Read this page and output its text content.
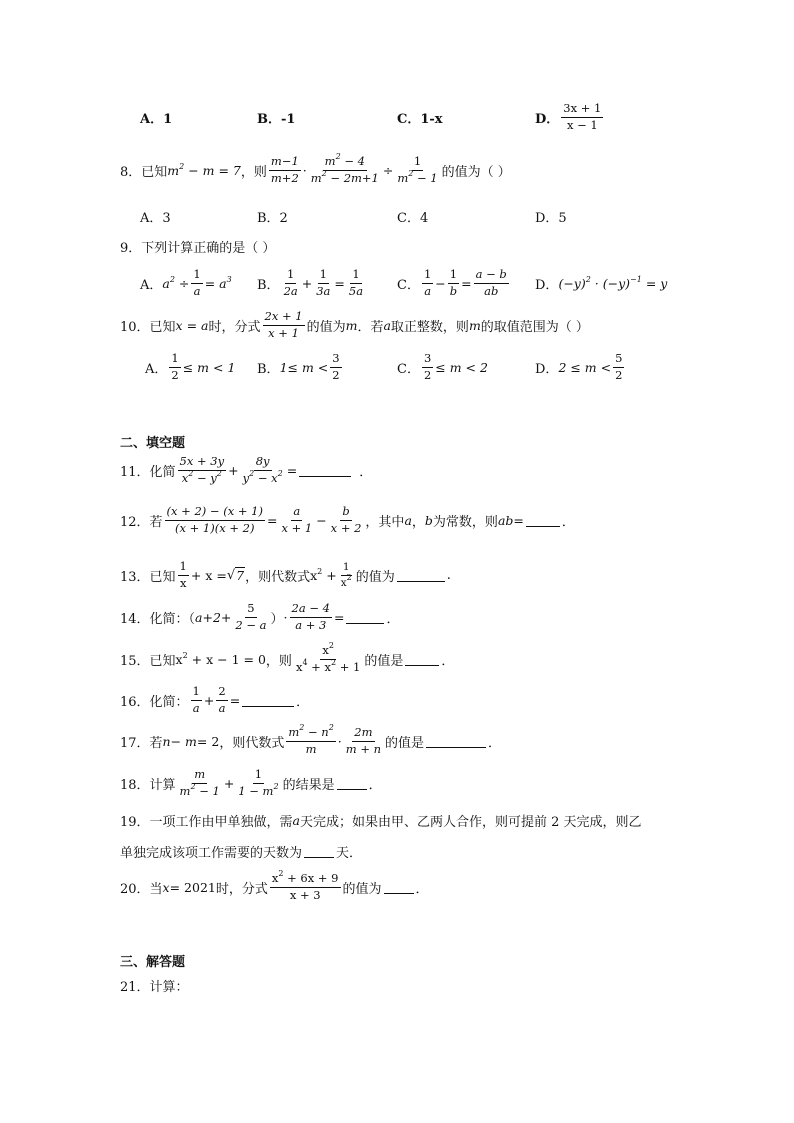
A．1	B．-1	C．1-x	D． $\frac{3x + 1}{x - 1}$
8．已知 $m^2 - m = 7$ ，则 $\frac{m-1}{m+2} \cdot \frac{m^2 - 4}{m^2 - 2m+1} \div \frac{1}{m^2 - 1}$ 的值为（ ）
A．3	B．2	C．4	D．5
9．下列计算正确的是（ ）
A． $a^2 \div \frac{1}{a} = a^3$ B． $\frac{1}{2a} + \frac{1}{3a} = \frac{1}{5a}$ C． $\frac{1}{a} - \frac{1}{b} = \frac{a - b}{ab}$ D． $(-y)^2 \cdot (-y)^{-1} = y$
10．已知 x = a 时，分式 $\frac{2x + 1}{x + 1}$ 的值为 m ．若 a 取正整数，则 m 的取值范围为（ ）
A． $\frac{1}{2} \le m < 1$ B． $1\le m < \frac{3}{2}$	C． $\frac{3}{2} \le m < 2$	D． $2 \le m < \frac{5}{2}$
二、填空题
11．化简 $\frac{5x + 3y}{x^2 - y^2} + \frac{8y}{y^2 - x^2}$ =	．
12．若 $\frac{(x + 2) - (x + 1)}{(x + 1)(x + 2)} = \frac{a}{x + 1} - \frac{b}{x + 2}$ ，其中 a ， b 为常数，则 ab =	．
13．已知 $\frac{1}{x} + x$ = √ 7 ，则代数式 $x^2 + \frac{1}{x^2}$ 的值为	.
14．化简：（ $a+2+ \frac{5}{2 - a}$ ） · $\frac{2a - 4}{a + 3}$ =	．
15．已知 $x^2 + x - 1 = 0$ ，则 $\frac{x^2}{x^4 + x^2 + 1}$ 的值是	．
16．化简： $\frac{1}{a} + \frac{2}{a}$ =	．
17．若 n− m = 2 ，则代数式 $\frac{m^2 - n^2}{m} \cdot \frac{2m}{m + n}$ 的值是	．
18．计算 $\frac{m}{m^2 - 1} + \frac{1}{1 - m^2}$ 的结果是	．
19．一项工作由甲单独做，需 a 天完成；如果由甲、乙两人合作，则可提前 2 天完成，则乙
单独完成该项工作需要的天数为	天．
20．当 x = 2021 时，分式 $\frac{x^2 + 6x + 9}{x + 3}$ 的值为	．
三、解答题
21．计算：
